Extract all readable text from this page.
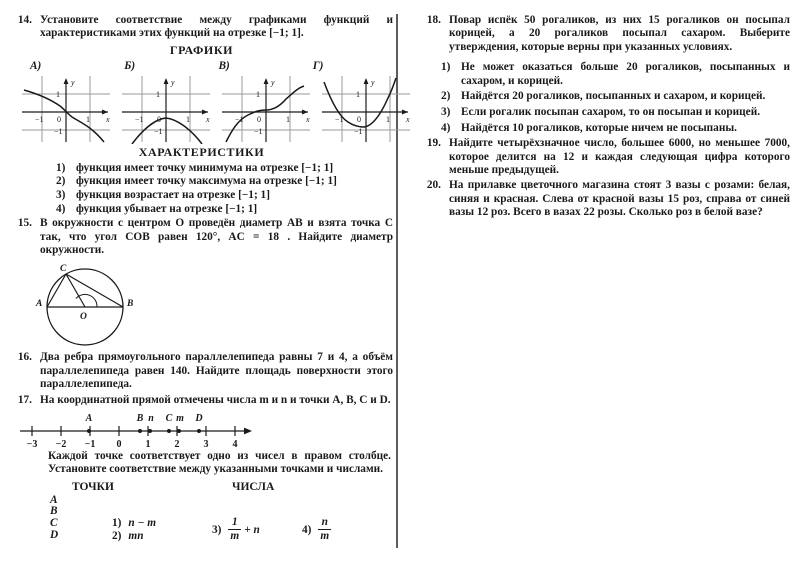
14. Установите соответствие между графиками функций и характеристиками этих функций на отрезке [−1; 1].
ГРАФИКИ
А)	Б)	В)	Г)
y
x
0
−1	1
1
−1
y
x
0
−1	1
1
−1
y
x
0
−1	1
1
−1
y
x
0
−1	1
1
−1
ХАРАКТЕРИСТИКИ
1) функция имеет точку минимума на отрезке [−1; 1]
2) функция имеет точку максимума на отрезке [−1; 1]
3) функция возрастает на отрезке [−1; 1]
4) функция убывает на отрезке [−1; 1]
15. В окружности с центром O проведён диаметр AB и взята точка C так, что угол COB равен 120°, AC = 18 . Найдите диаметр окружности.
C
A	B
O
16. Два ребра прямоугольного параллелепипеда равны 7 и 4, а объём параллелепипеда равен 140. Найдите площадь поверхности этого параллелепипеда.
17. На координатной прямой отмечены числа m и n и точки A, B, C и D.
−3 −2 −1 0 1 2 3 4
A	B n C m D
Каждой точке соответствует одно из чисел в правом столбце. Установите соответствие между указанными точками и числами.
ТОЧКИ	ЧИСЛА
A
B
C
D
1) n − m
2) mn
$3) \frac{1}{m} + n$	$4) \frac{n}{m}$
18. Повар испёк 50 рогаликов, из них 15 рогаликов он посыпал корицей, а 20 рогаликов посыпал сахаром. Выберите утверждения, которые верны при указанных условиях.
1) Не может оказаться больше 20 рогаликов, посыпанных и сахаром, и корицей.
2) Найдётся 20 рогаликов, посыпанных и сахаром, и корицей.
3) Если рогалик посыпан сахаром, то он посыпан и корицей.
4) Найдётся 10 рогаликов, которые ничем не посыпаны.
19. Найдите четырёхзначное число, большее 6000, но меньшее 7000, которое делится на 12 и каждая следующая цифра которого меньше предыдущей.
20. На прилавке цветочного магазина стоят 3 вазы с розами: белая, синяя и красная. Слева от красной вазы 15 роз, справа от синей вазы 12 роз. Всего в вазах 22 розы. Сколько роз в белой вазе?
